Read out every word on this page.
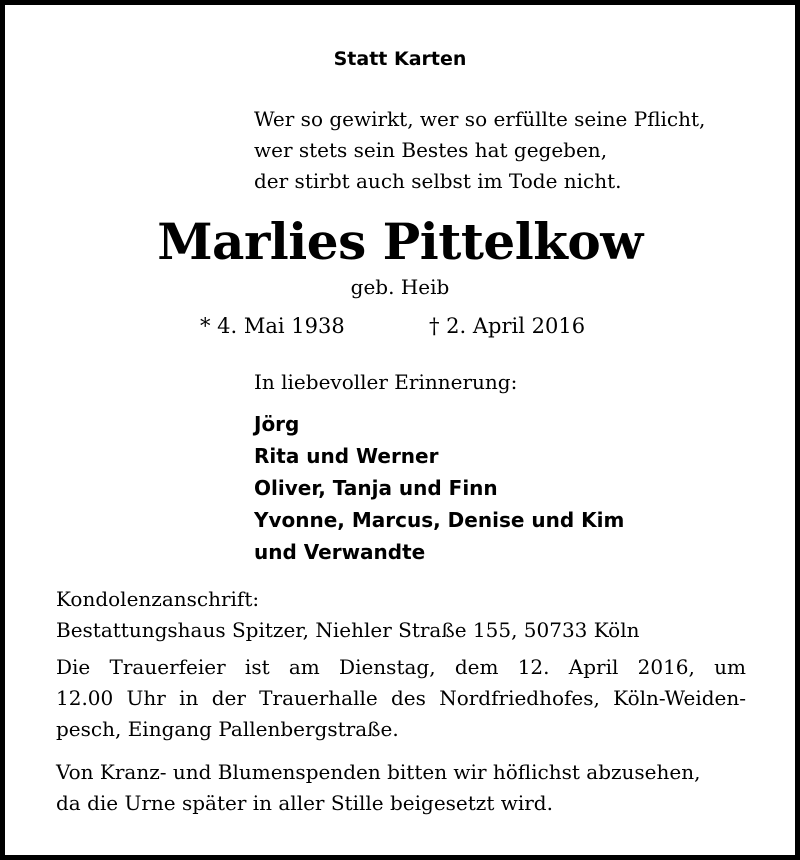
Statt Karten
Wer so gewirkt, wer so erfüllte seine Pflicht,
wer stets sein Bestes hat gegeben,
der stirbt auch selbst im Tode nicht.
Marlies Pittelkow
geb. Heib
* 4. Mai 1938	† 2. April 2016
In liebevoller Erinnerung:
Jörg
Rita und Werner
Oliver, Tanja und Finn
Yvonne, Marcus, Denise und Kim
und Verwandte
Kondolenzanschrift:
Bestattungshaus Spitzer, Niehler Straße 155, 50733 Köln
Die Trauerfeier ist am Dienstag, dem 12. April 2016, um
12.00 Uhr in der Trauerhalle des Nordfriedhofes, Köln-Weiden-
pesch, Eingang Pallenbergstraße.
Von Kranz- und Blumenspenden bitten wir höflichst abzusehen,
da die Urne später in aller Stille beigesetzt wird.
